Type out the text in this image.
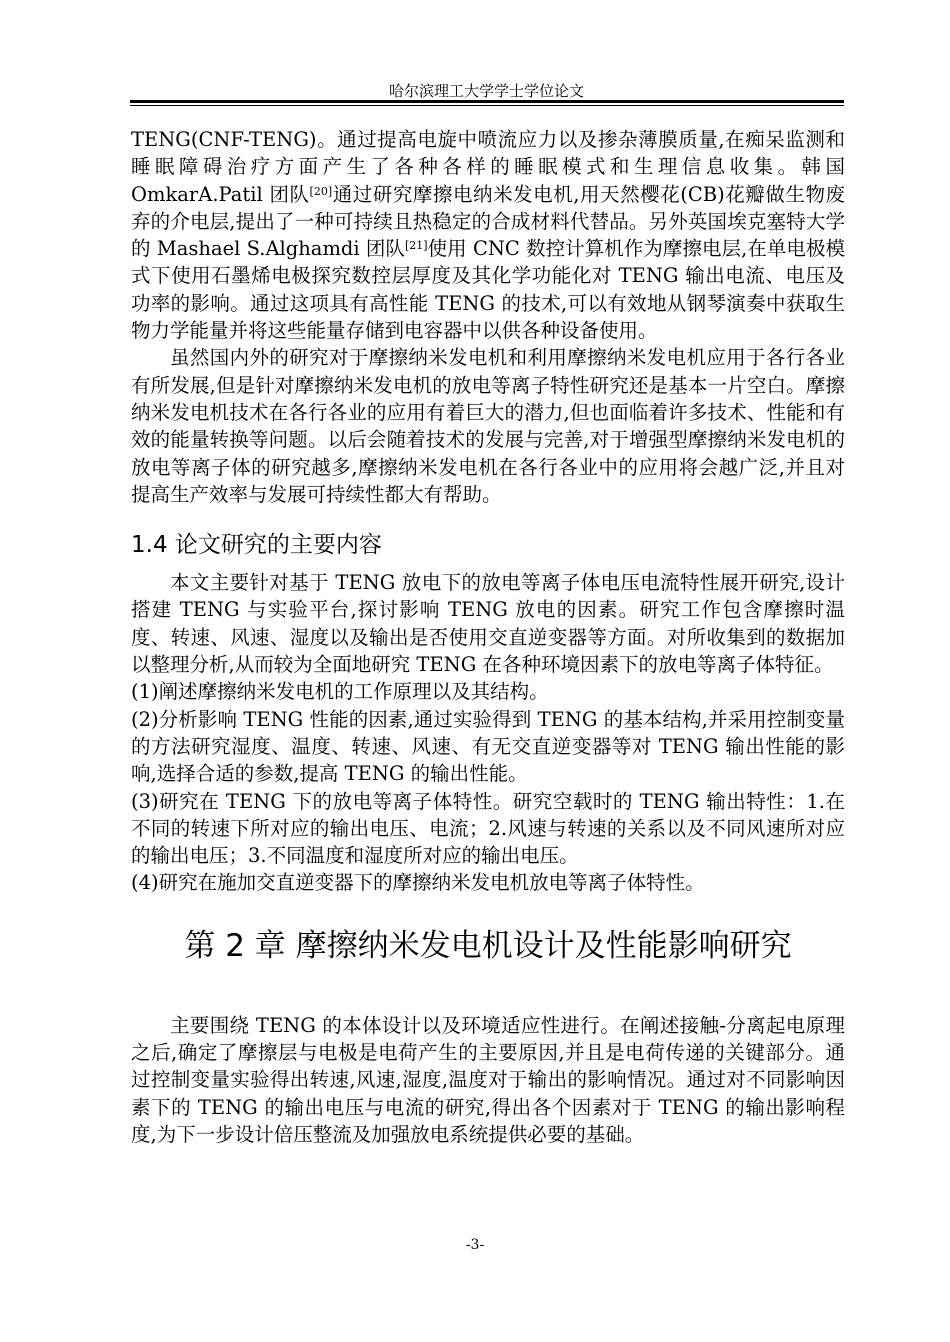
哈尔滨理工大学学士学位论文

TENG(CNF-TENG)。通过提高电旋中喷流应力以及掺杂薄膜质量,在痴呆监测和睡眠障碍治疗方面产生了各种各样的睡眠模式和生理信息收集。韩国 OmkarA.Patil 团队[20]通过研究摩擦电纳米发电机,用天然樱花(CB)花瓣做生物废弃的介电层,提出了一种可持续且热稳定的合成材料代替品。另外英国埃克塞特大学的 Mashael S.Alghamdi 团队[21]使用 CNC 数控计算机作为摩擦电层,在单电极模式下使用石墨烯电极探究数控层厚度及其化学功能化对 TENG 输出电流、电压及功率的影响。通过这项具有高性能 TENG 的技术,可以有效地从钢琴演奏中获取生物力学能量并将这些能量存储到电容器中以供各种设备使用。

虽然国内外的研究对于摩擦纳米发电机和利用摩擦纳米发电机应用于各行各业有所发展,但是针对摩擦纳米发电机的放电等离子特性研究还是基本一片空白。摩擦纳米发电机技术在各行各业的应用有着巨大的潜力,但也面临着许多技术、性能和有效的能量转换等问题。以后会随着技术的发展与完善,对于增强型摩擦纳米发电机的放电等离子体的研究越多,摩擦纳米发电机在各行各业中的应用将会越广泛,并且对提高生产效率与发展可持续性都大有帮助。

1.4 论文研究的主要内容

本文主要针对基于 TENG 放电下的放电等离子体电压电流特性展开研究,设计搭建 TENG 与实验平台,探讨影响 TENG 放电的因素。研究工作包含摩擦时温度、转速、风速、湿度以及输出是否使用交直逆变器等方面。对所收集到的数据加以整理分析,从而较为全面地研究 TENG 在各种环境因素下的放电等离子体特征。

(1)阐述摩擦纳米发电机的工作原理以及其结构。

(2)分析影响 TENG 性能的因素,通过实验得到 TENG 的基本结构,并采用控制变量的方法研究湿度、温度、转速、风速、有无交直逆变器等对 TENG 输出性能的影响,选择合适的参数,提高 TENG 的输出性能。

(3)研究在 TENG 下的放电等离子体特性。研究空载时的 TENG 输出特性：1.在不同的转速下所对应的输出电压、电流；2.风速与转速的关系以及不同风速所对应的输出电压；3.不同温度和湿度所对应的输出电压。

(4)研究在施加交直逆变器下的摩擦纳米发电机放电等离子体特性。

第 2 章 摩擦纳米发电机设计及性能影响研究

主要围绕 TENG 的本体设计以及环境适应性进行。在阐述接触-分离起电原理之后,确定了摩擦层与电极是电荷产生的主要原因,并且是电荷传递的关键部分。通过控制变量实验得出转速,风速,湿度,温度对于输出的影响情况。通过对不同影响因素下的 TENG 的输出电压与电流的研究,得出各个因素对于 TENG 的输出影响程度,为下一步设计倍压整流及加强放电系统提供必要的基础。

-3-
